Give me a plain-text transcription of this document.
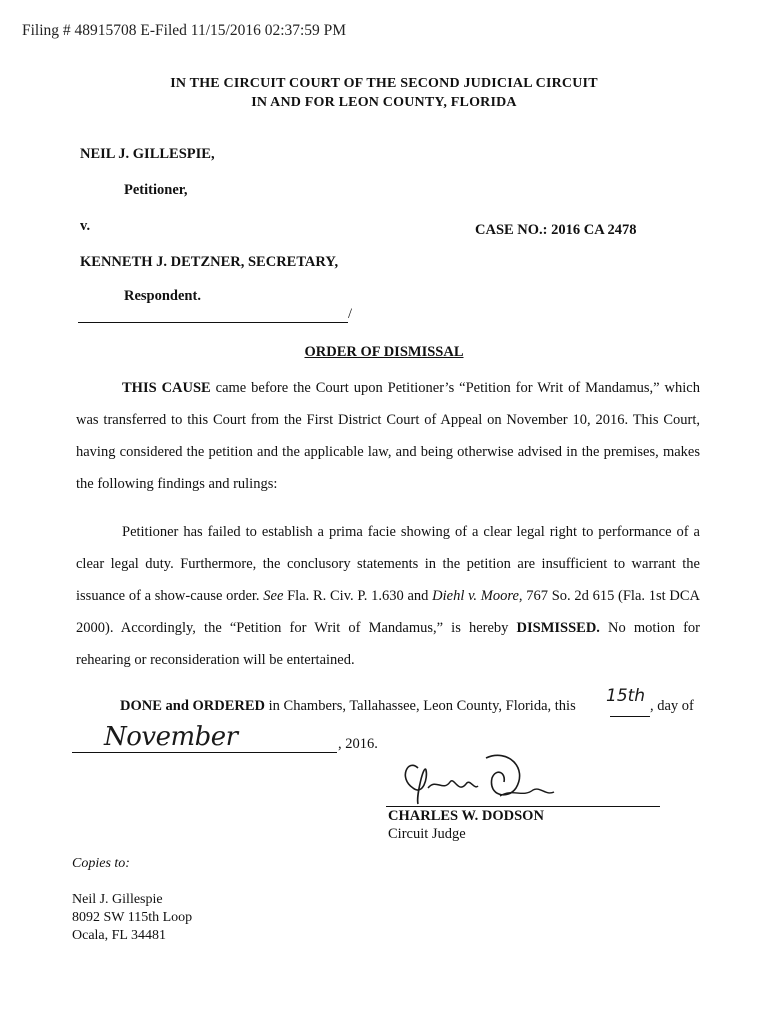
Filing # 48915708 E-Filed 11/15/2016 02:37:59 PM
IN THE CIRCUIT COURT OF THE SECOND JUDICIAL CIRCUIT
IN AND FOR LEON COUNTY, FLORIDA
NEIL J. GILLESPIE,
Petitioner,
v.	CASE NO.: 2016 CA 2478
KENNETH J. DETZNER, SECRETARY,
Respondent.
/
ORDER OF DISMISSAL
THIS CAUSE came before the Court upon Petitioner’s “Petition for Writ of Mandamus,” which was transferred to this Court from the First District Court of Appeal on November 10, 2016. This Court, having considered the petition and the applicable law, and being otherwise advised in the premises, makes the following findings and rulings:
Petitioner has failed to establish a prima facie showing of a clear legal right to performance of a clear legal duty. Furthermore, the conclusory statements in the petition are insufficient to warrant the issuance of a show-cause order. See Fla. R. Civ. P. 1.630 and Diehl v. Moore, 767 So. 2d 615 (Fla. 1st DCA 2000). Accordingly, the “Petition for Writ of Mandamus,” is hereby DISMISSED. No motion for rehearing or reconsideration will be entertained.
DONE and ORDERED in Chambers, Tallahassee, Leon County, Florida, this 15th , day of
November	, 2016.
CHARLES W. DODSON
Circuit Judge
Copies to:
Neil J. Gillespie
8092 SW 115th Loop
Ocala, FL 34481
